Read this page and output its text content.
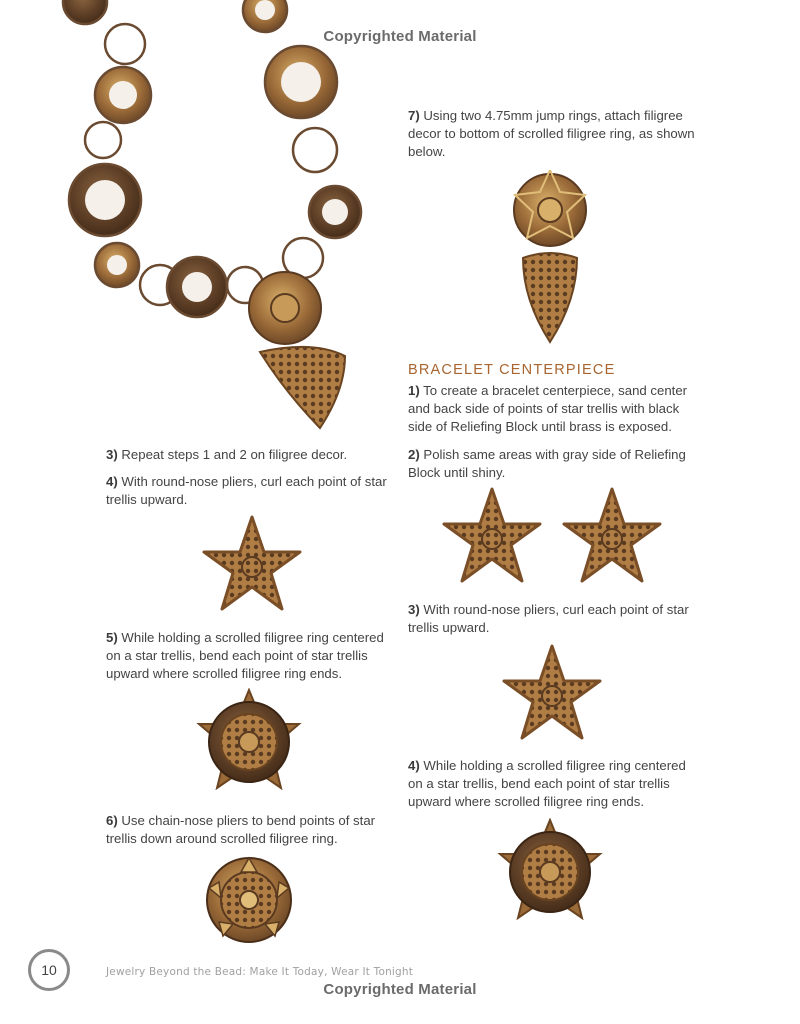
Copyrighted Material
7) Using two 4.75mm jump rings, attach filigree decor to bottom of scrolled filigree ring, as shown below.
BRACELET CENTERPIECE
1) To create a bracelet centerpiece, sand center and back side of points of star trellis with black side of Reliefing Block until brass is exposed.
3) Repeat steps 1 and 2 on filigree decor.	2) Polish same areas with gray side of Reliefing Block until shiny.
4) With round-nose pliers, curl each point of star trellis upward.
3) With round-nose pliers, curl each point of star trellis upward.
5) While holding a scrolled filigree ring centered on a star trellis, bend each point of star trellis upward where scrolled filigree ring ends.
4) While holding a scrolled filigree ring centered on a star trellis, bend each point of star trellis upward where scrolled filigree ring ends.
6) Use chain-nose pliers to bend points of star trellis down around scrolled filigree ring.
10	Jewelry Beyond the Bead: Make It Today, Wear It Tonight
Copyrighted Material
